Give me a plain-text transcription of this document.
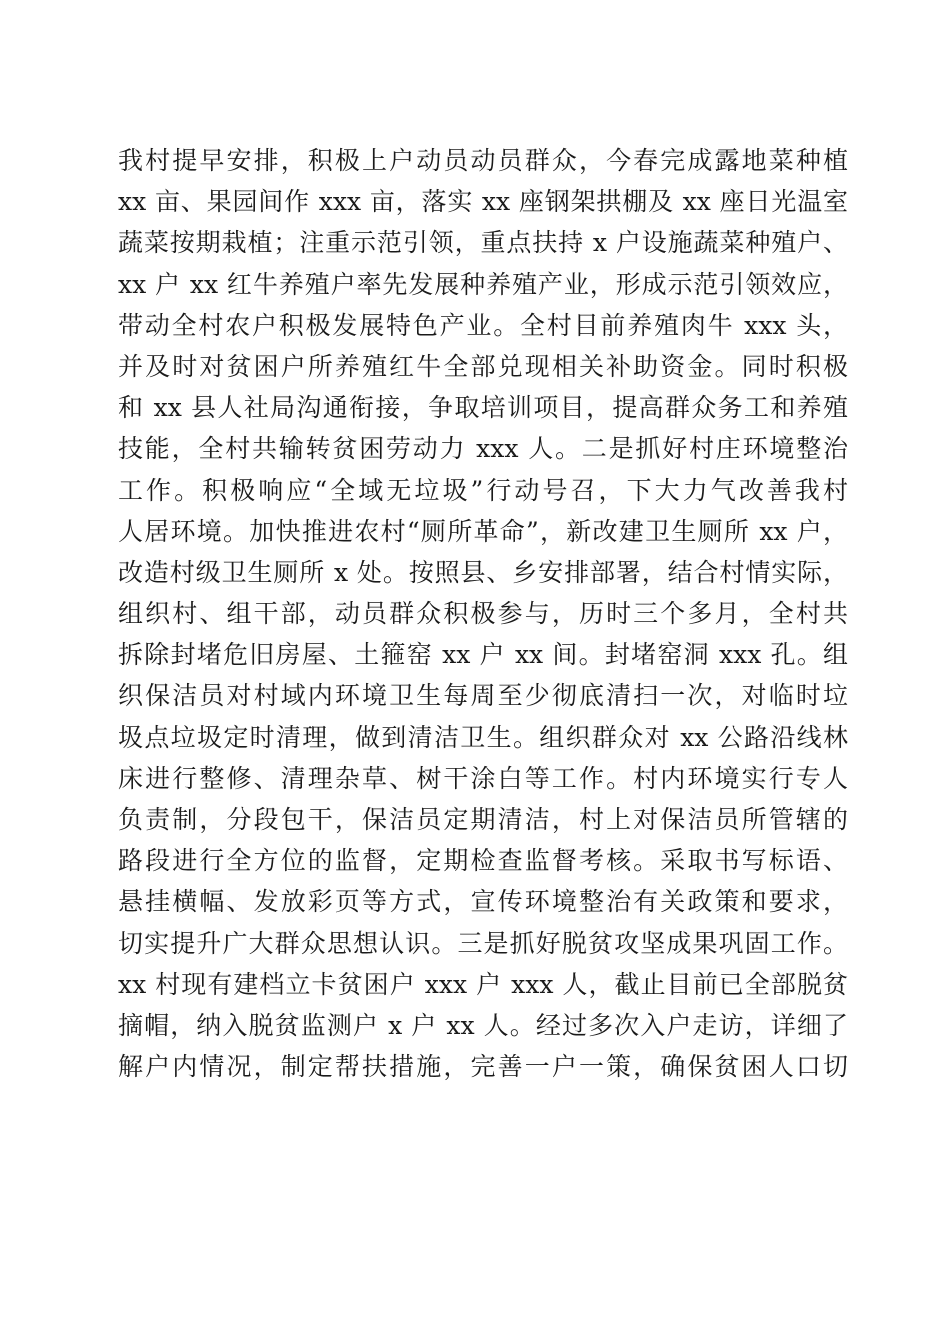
我村提早安排，积极上户动员动员群众，今春完成露地菜种植
xx 亩、果园间作 xxx 亩，落实 xx 座钢架拱棚及 xx 座日光温室
蔬菜按期栽植；注重示范引领，重点扶持 x 户设施蔬菜种殖户、
xx 户 xx 红牛养殖户率先发展种养殖产业，形成示范引领效应，
带动全村农户积极发展特色产业。全村目前养殖肉牛 xxx 头，
并及时对贫困户所养殖红牛全部兑现相关补助资金。同时积极
和 xx 县人社局沟通衔接，争取培训项目，提高群众务工和养殖
技能，全村共输转贫困劳动力 xxx 人。二是抓好村庄环境整治
工作。积极响应“全域无垃圾”行动号召，下大力气改善我村
人居环境。加快推进农村“厕所革命”，新改建卫生厕所 xx 户，
改造村级卫生厕所 x 处。按照县、乡安排部署，结合村情实际，
组织村、组干部，动员群众积极参与，历时三个多月，全村共
拆除封堵危旧房屋、土箍窑 xx 户 xx 间。封堵窑洞 xxx 孔。组
织保洁员对村域内环境卫生每周至少彻底清扫一次，对临时垃
圾点垃圾定时清理，做到清洁卫生。组织群众对 xx 公路沿线林
床进行整修、清理杂草、树干涂白等工作。村内环境实行专人
负责制，分段包干，保洁员定期清洁，村上对保洁员所管辖的
路段进行全方位的监督，定期检查监督考核。采取书写标语、
悬挂横幅、发放彩页等方式，宣传环境整治有关政策和要求，
切实提升广大群众思想认识。三是抓好脱贫攻坚成果巩固工作。
xx 村现有建档立卡贫困户 xxx 户 xxx 人，截止目前已全部脱贫
摘帽，纳入脱贫监测户 x 户 xx 人。经过多次入户走访，详细了
解户内情况，制定帮扶措施，完善一户一策，确保贫困人口切
